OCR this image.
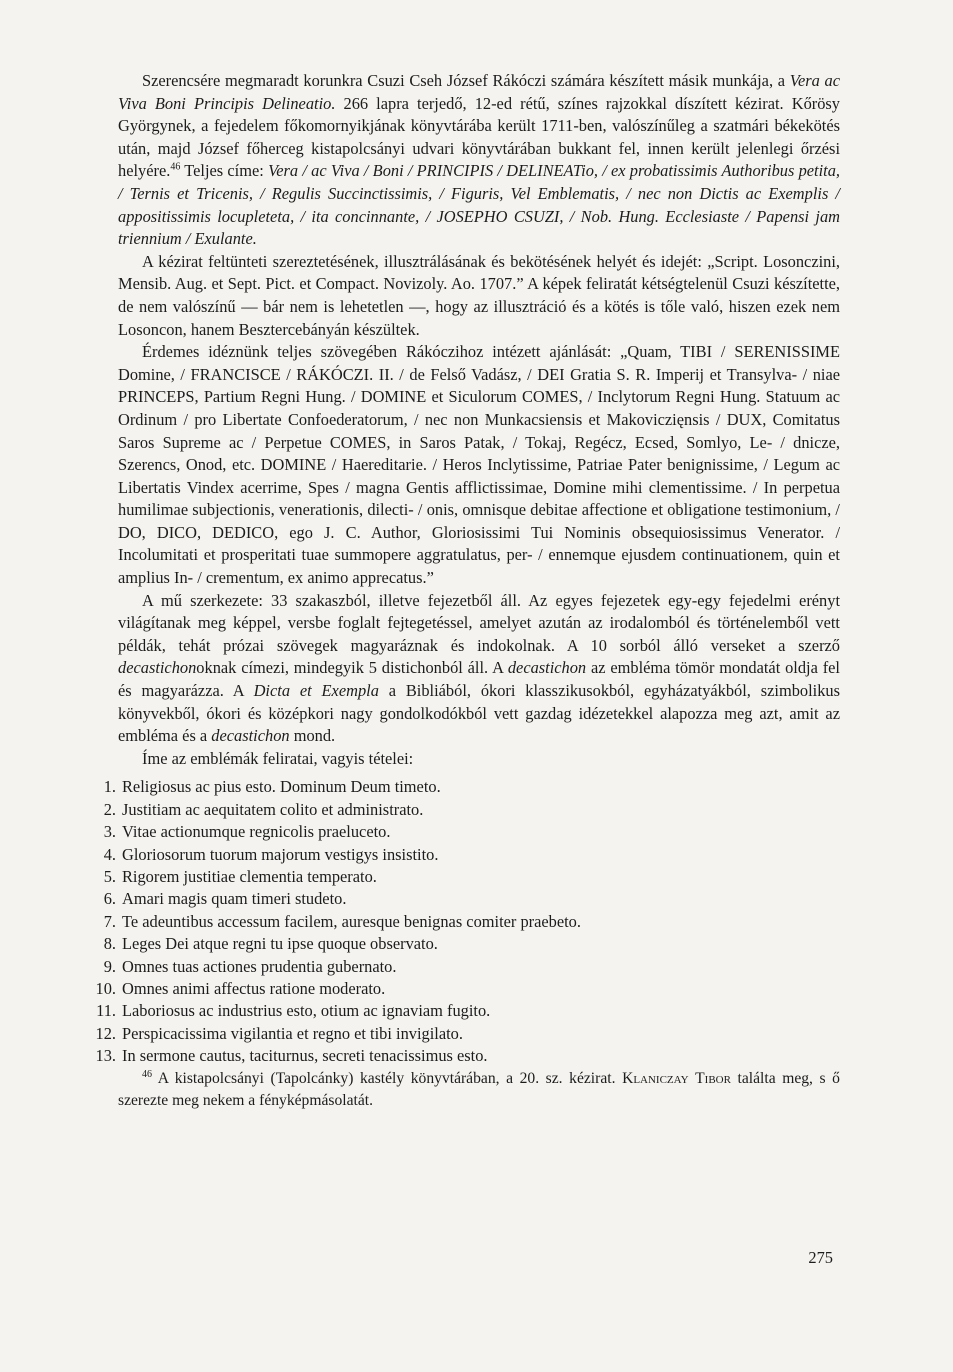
Szerencsére megmaradt korunkra Csuzi Cseh József Rákóczi számára készített másik munkája, a Vera ac Viva Boni Principis Delineatio. 266 lapra terjedő, 12-ed rétű, színes rajzokkal díszített kézirat. Kőrösy Györgynek, a fejedelem főkomornyikjának könyvtárába került 1711-ben, valószínűleg a szatmári békekötés után, majd József főherceg kistapolcsányi udvari könyvtárában bukkant fel, innen került jelenlegi őrzési helyére.$^{46}$ Teljes címe: Vera / ac Viva / Boni / PRINCIPIS / DELINEATio, / ex probatissimis Authoribus petita, / Ternis et Tricenis, / Regulis Succinctissimis, / Figuris, Vel Emblematis, / nec non Dictis ac Exemplis / appositissimis locupleteta, / ita concinnante, / JOSEPHO CSUZI, / Nob. Hung. Ecclesiaste / Papensi jam triennium / Exulante.

A kézirat feltünteti szereztetésének, illusztrálásának és bekötésének helyét és idejét: „Script. Losonczini, Mensib. Aug. et Sept. Pict. et Compact. Novizoly. Ao. 1707.” A képek feliratát kétségtelenül Csuzi készítette, de nem valószínű — bár nem is lehetetlen —, hogy az illusztráció és a kötés is tőle való, hiszen ezek nem Losoncon, hanem Besztercebányán készültek.

Érdemes idéznünk teljes szövegében Rákóczihoz intézett ajánlását: „Quam, TIBI / SERENISSIME Domine, / FRANCISCE / RÁKÓCZI. II. / de Felső Vadász, / DEI Gratia S. R. Imperij et Transylva- / niae PRINCEPS, Partium Regni Hung. / DOMINE et Siculorum COMES, / Inclytorum Regni Hung. Statuum ac Ordinum / pro Libertate Confoederatorum, / nec non Munkacsiensis et Makoviczięnsis / DUX, Comitatus Saros Supreme ac / Perpetue COMES, in Saros Patak, / Tokaj, Regécz, Ecsed, Somlyo, Le- / dnicze, Szerencs, Onod, etc. DOMINE / Haereditarie. / Heros Inclytissime, Patriae Pater benignissime, / Legum ac Libertatis Vindex acerrime, Spes / magna Gentis afflictissimae, Domine mihi clementissime. / In perpetua humilimae subjectionis, venerationis, dilecti- / onis, omnisque debitae affectione et obligatione testimonium, / DO, DICO, DEDICO, ego J. C. Author, Gloriosissimi Tui Nominis obsequiosissimus Venerator. / Incolumitati et prosperitati tuae summopere aggratulatus, per- / ennemque ejusdem continuationem, quin et amplius In- / crementum, ex animo apprecatus.”

A mű szerkezete: 33 szakaszból, illetve fejezetből áll. Az egyes fejezetek egy-egy fejedelmi erényt világítanak meg képpel, versbe foglalt fejtegetéssel, amelyet azután az irodalomból és történelemből vett példák, tehát prózai szövegek magyaráznak és indokolnak. A 10 sorból álló verseket a szerző decastichonoknak címezi, mindegyik 5 distichonból áll. A decastichon az embléma tömör mondatát oldja fel és magyarázza. A Dicta et Exempla a Bibliából, ókori klasszikusokból, egyházatyákból, szimbolikus könyvekből, ókori és középkori nagy gondolkodókból vett gazdag idézetekkel alapozza meg azt, amit az embléma és a decastichon mond.

Íme az emblémák feliratai, vagyis tételei:

1. Religiosus ac pius esto. Dominum Deum timeto.
2. Justitiam ac aequitatem colito et administrato.
3. Vitae actionumque regnicolis praeluceto.
4. Gloriosorum tuorum majorum vestigys insistito.
5. Rigorem justitiae clementia temperato.
6. Amari magis quam timeri studeto.
7. Te adeuntibus accessum facilem, auresque benignas comiter praebeto.
8. Leges Dei atque regni tu ipse quoque observato.
9. Omnes tuas actiones prudentia gubernato.
10. Omnes animi affectus ratione moderato.
11. Laboriosus ac industrius esto, otium ac ignaviam fugito.
12. Perspicacissima vigilantia et regno et tibi invigilato.
13. In sermone cautus, taciturnus, secreti tenacissimus esto.

$^{46}$ A kistapolcsányi (Tapolcánky) kastély könyvtárában, a 20. sz. kézirat. Klaniczay Tibor találta meg, s ő szerezte meg nekem a fényképmásolatát.

275
